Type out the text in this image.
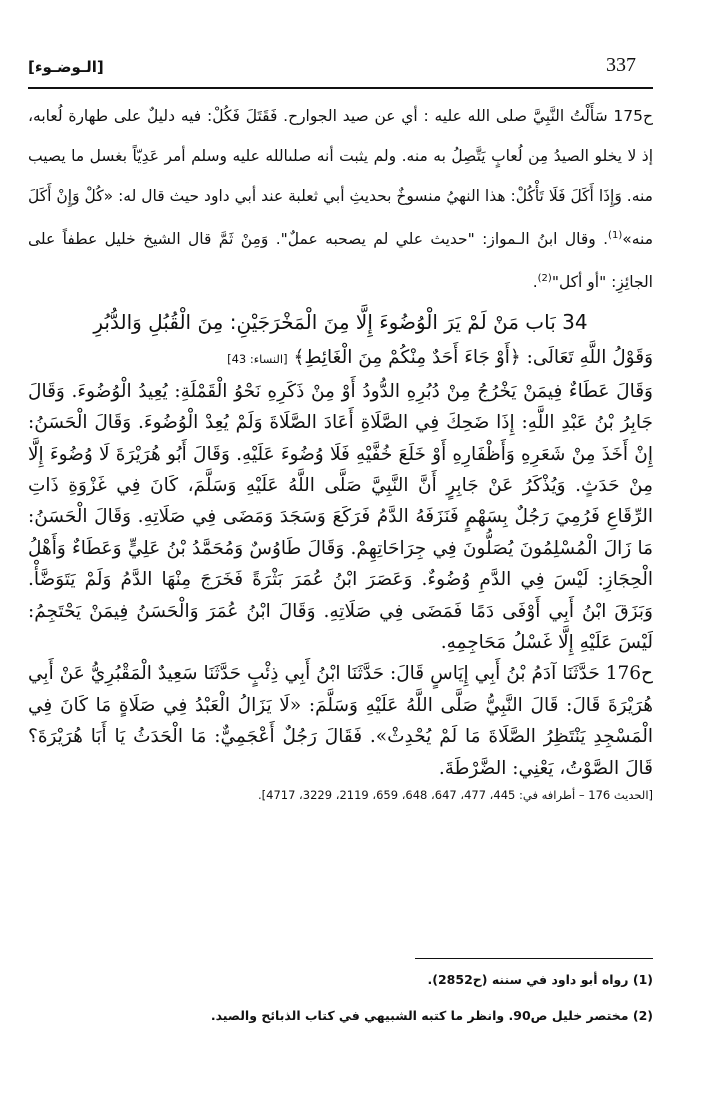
[الـوضـوء]	337

ح175 سَأَلْتُ النَّبِيَّ صلى الله عليه : أي عن صيد الجوارح. فَقَتَلَ فَكُلْ: فيه دليلٌ على طهارة لُعابه، إذ لا يخلو الصيدُ مِن لُعابٍ يَتَّصِلُ به منه. ولم يثبت أنه صلىالله عليه وسلم أمر عَدِيّاً بغسل ما يصيب منه. وَإِذَا أَكَلَ فَلَا تَأْكُلْ: هذا النهيُ منسوخٌ بحديثِ أبي ثعلبة عند أبي داود حيث قال له: «كُلْ وَإِنْ أَكَلَ منه»$^{(1)}$. وقال ابنُ الـمواز: "حديث علي لم يصحبه عملٌ". وَمِنْ ثَمَّ قال الشيخ خليل عطفاً على الجائِزِ: "أو أكل"$^{(2)}$.

34 بَاب مَنْ لَمْ يَرَ الْوُضُوءَ إِلَّا مِنَ الْمَخْرَجَيْنِ: مِنَ الْقُبُلِ وَالدُّبُرِ

وَقَوْلُ اللَّهِ تَعَالَى: ﴿أَوْ جَاءَ أَحَدٌ مِنْكُمْ مِنَ الْغَائِطِ﴾ [النساء: 43]

وَقَالَ عَطَاءٌ فِيمَنْ يَخْرُجُ مِنْ دُبُرِهِ الدُّودُ أَوْ مِنْ ذَكَرِهِ نَحْوُ الْقَمْلَةِ: يُعِيدُ الْوُضُوءَ. وَقَالَ جَابِرُ بْنُ عَبْدِ اللَّهِ: إِذَا ضَحِكَ فِي الصَّلَاةِ أَعَادَ الصَّلَاةَ وَلَمْ يُعِدْ الْوُضُوءَ. وَقَالَ الْحَسَنُ: إِنْ أَخَذَ مِنْ شَعَرِهِ وَأَظْفَارِهِ أَوْ خَلَعَ خُفَّيْهِ فَلَا وُضُوءَ عَلَيْهِ. وَقَالَ أَبُو هُرَيْرَةَ لَا وُضُوءَ إِلَّا مِنْ حَدَثٍ. وَيُذْكَرُ عَنْ جَابِرٍ أَنَّ النَّبِيَّ صَلَّى اللَّهُ عَلَيْهِ وَسَلَّمَ، كَانَ فِي غَزْوَةِ ذَاتِ الرِّقَاعِ فَرُمِيَ رَجُلٌ بِسَهْمٍ فَنَزَفَهُ الدَّمُ فَرَكَعَ وَسَجَدَ وَمَضَى فِي صَلَاتِهِ. وَقَالَ الْحَسَنُ: مَا زَالَ الْمُسْلِمُونَ يُصَلُّونَ فِي جِرَاحَاتِهِمْ. وَقَالَ طَاوُسٌ وَمُحَمَّدُ بْنُ عَلِيٍّ وَعَطَاءٌ وَأَهْلُ الْحِجَازِ: لَيْسَ فِي الدَّمِ وُضُوءٌ. وَعَصَرَ ابْنُ عُمَرَ بَثْرَةً فَخَرَجَ مِنْهَا الدَّمُ وَلَمْ يَتَوَضَّأْ. وَبَزَقَ ابْنُ أَبِي أَوْفَى دَمًا فَمَضَى فِي صَلَاتِهِ. وَقَالَ ابْنُ عُمَرَ وَالْحَسَنُ فِيمَنْ يَحْتَجِمُ: لَيْسَ عَلَيْهِ إِلَّا غَسْلُ مَحَاجِمِهِ.

ح176 حَدَّثَنَا آدَمُ بْنُ أَبِي إِيَاسٍ قَالَ: حَدَّثَنَا ابْنُ أَبِي ذِئْبٍ حَدَّثَنَا سَعِيدٌ الْمَقْبُرِيُّ عَنْ أَبِي هُرَيْرَةَ قَالَ: قَالَ النَّبِيُّ صَلَّى اللَّهُ عَلَيْهِ وَسَلَّمَ: «لَا يَزَالُ الْعَبْدُ فِي صَلَاةٍ مَا كَانَ فِي الْمَسْجِدِ يَنْتَظِرُ الصَّلَاةَ مَا لَمْ يُحْدِثْ». فَقَالَ رَجُلٌ أَعْجَمِيٌّ: مَا الْحَدَثُ يَا أَبَا هُرَيْرَةَ؟ قَالَ الصَّوْتُ، يَعْنِي: الضَّرْطَةَ.

[الحديث 176 – أطرافه في: 445، 477، 647، 648، 659، 2119، 3229، 4717].

(1) رواه أبو داود في سننه (ح2852).

(2) مختصر خليل ص90. وانظر ما كتبه الشبيهي في كتاب الذبائح والصيد.
